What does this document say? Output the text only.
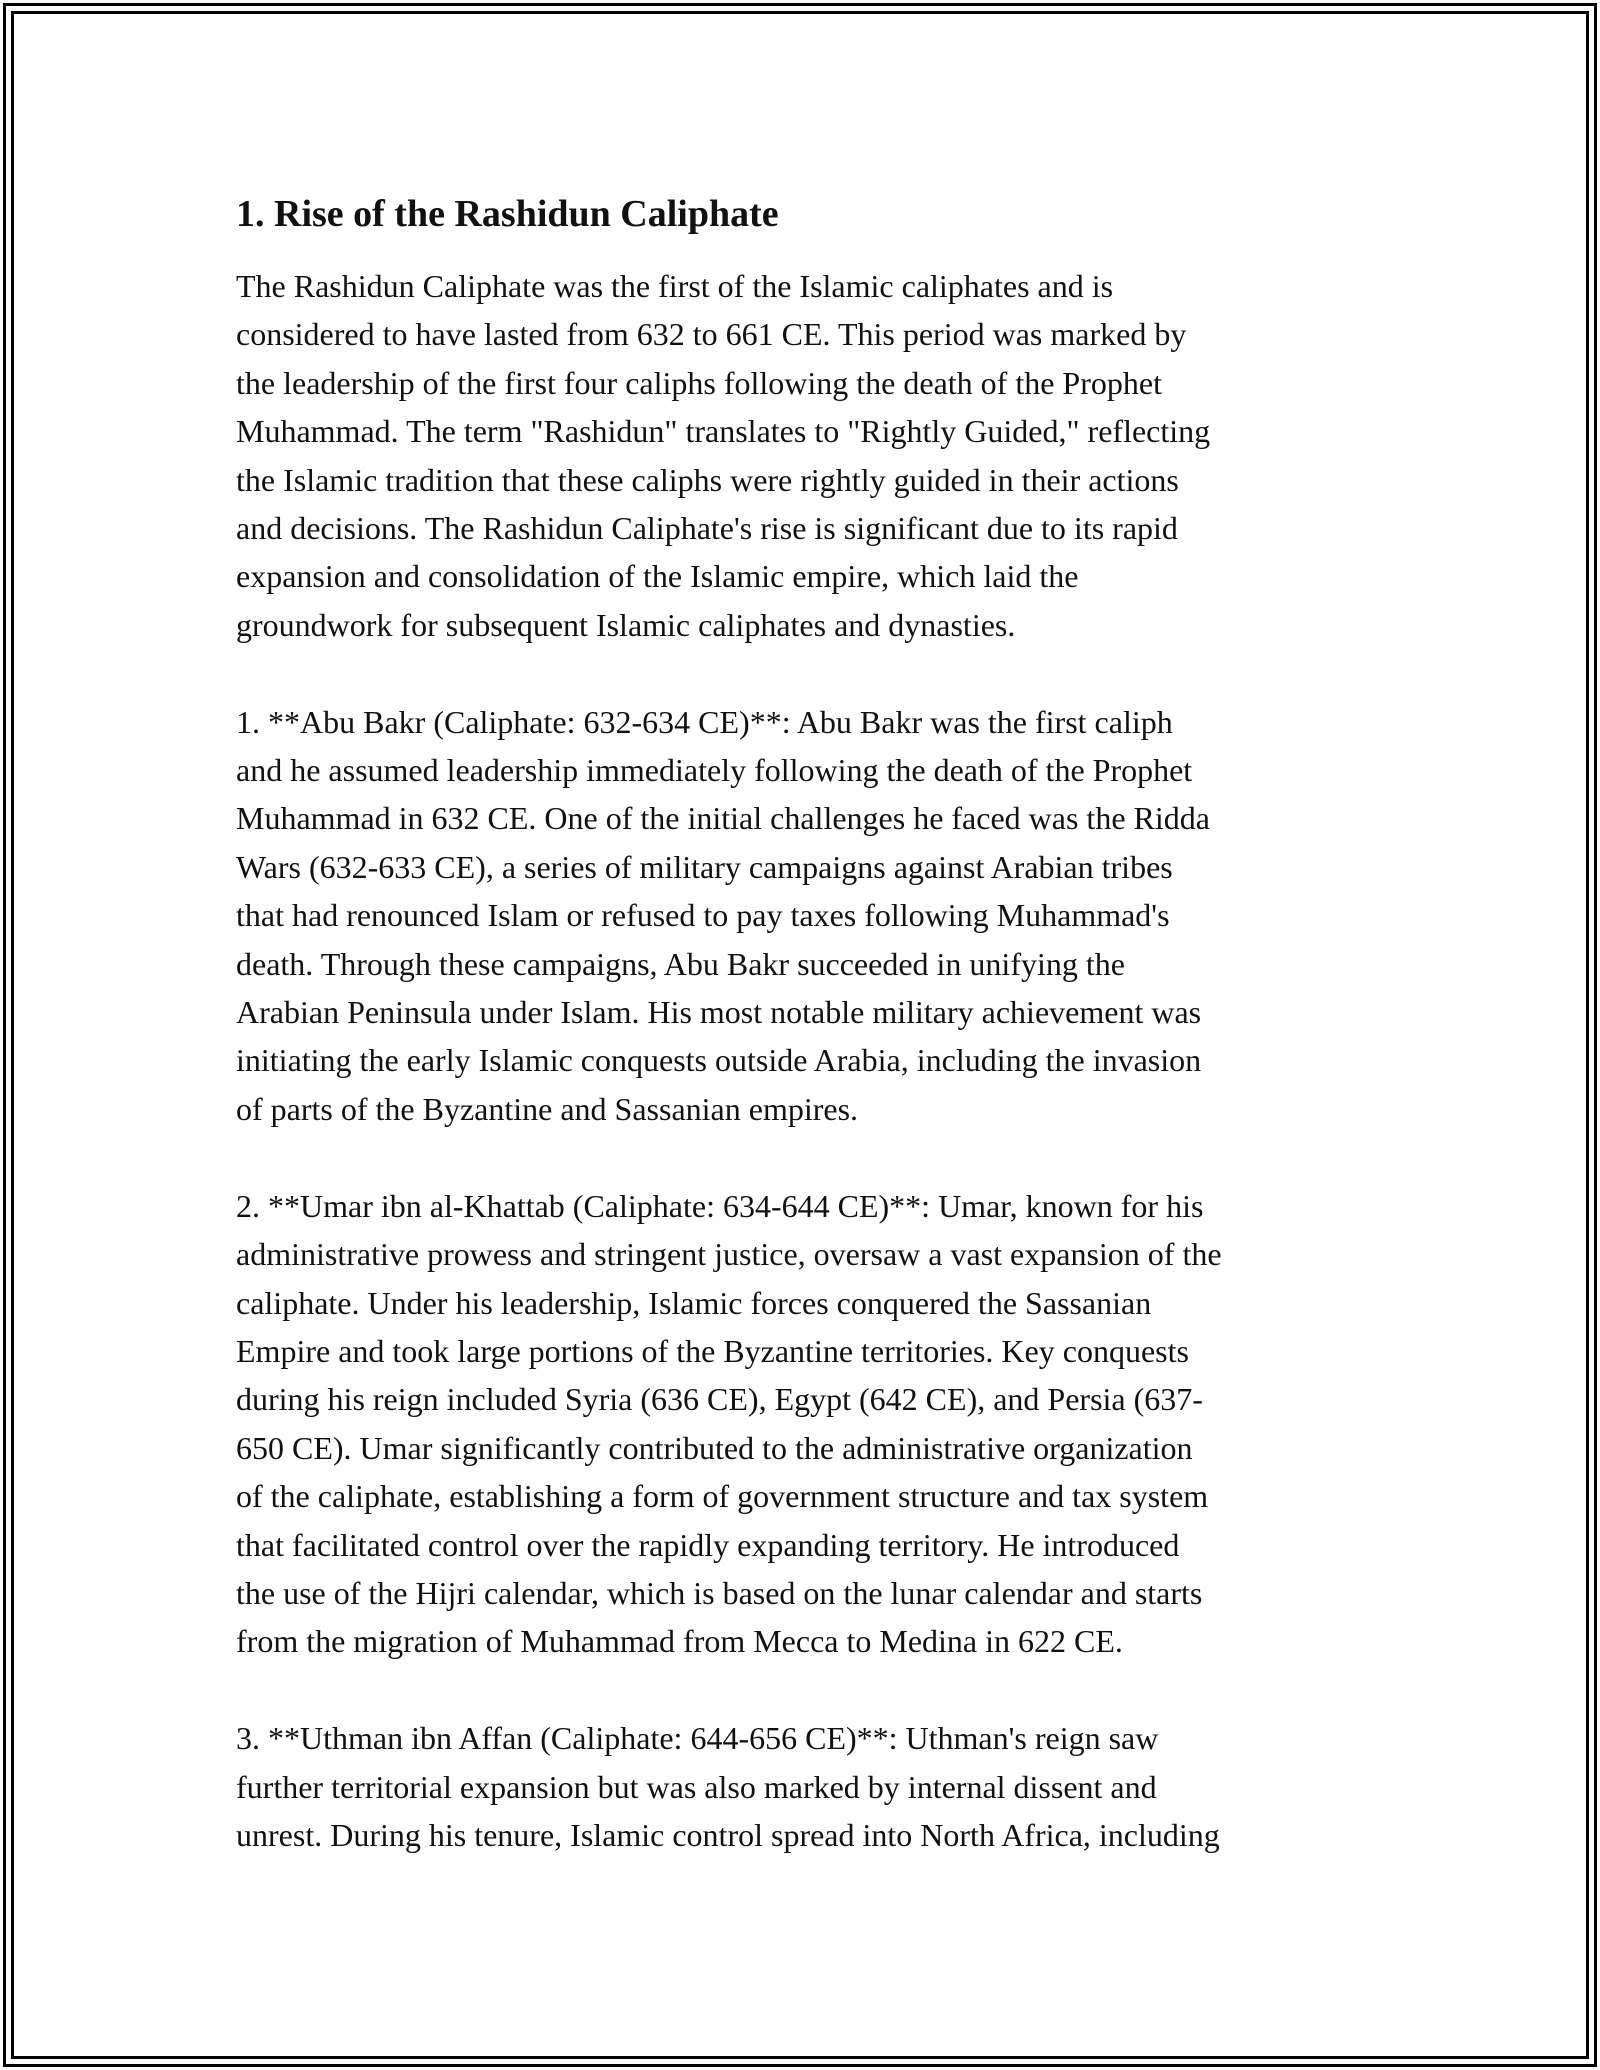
1. Rise of the Rashidun Caliphate

The Rashidun Caliphate was the first of the Islamic caliphates and is
considered to have lasted from 632 to 661 CE. This period was marked by
the leadership of the first four caliphs following the death of the Prophet
Muhammad. The term "Rashidun" translates to "Rightly Guided," reflecting
the Islamic tradition that these caliphs were rightly guided in their actions
and decisions. The Rashidun Caliphate's rise is significant due to its rapid
expansion and consolidation of the Islamic empire, which laid the
groundwork for subsequent Islamic caliphates and dynasties.

1. **Abu Bakr (Caliphate: 632-634 CE)**: Abu Bakr was the first caliph
and he assumed leadership immediately following the death of the Prophet
Muhammad in 632 CE. One of the initial challenges he faced was the Ridda
Wars (632-633 CE), a series of military campaigns against Arabian tribes
that had renounced Islam or refused to pay taxes following Muhammad's
death. Through these campaigns, Abu Bakr succeeded in unifying the
Arabian Peninsula under Islam. His most notable military achievement was
initiating the early Islamic conquests outside Arabia, including the invasion
of parts of the Byzantine and Sassanian empires.

2. **Umar ibn al-Khattab (Caliphate: 634-644 CE)**: Umar, known for his
administrative prowess and stringent justice, oversaw a vast expansion of the
caliphate. Under his leadership, Islamic forces conquered the Sassanian
Empire and took large portions of the Byzantine territories. Key conquests
during his reign included Syria (636 CE), Egypt (642 CE), and Persia (637-
650 CE). Umar significantly contributed to the administrative organization
of the caliphate, establishing a form of government structure and tax system
that facilitated control over the rapidly expanding territory. He introduced
the use of the Hijri calendar, which is based on the lunar calendar and starts
from the migration of Muhammad from Mecca to Medina in 622 CE.

3. **Uthman ibn Affan (Caliphate: 644-656 CE)**: Uthman's reign saw
further territorial expansion but was also marked by internal dissent and
unrest. During his tenure, Islamic control spread into North Africa, including
